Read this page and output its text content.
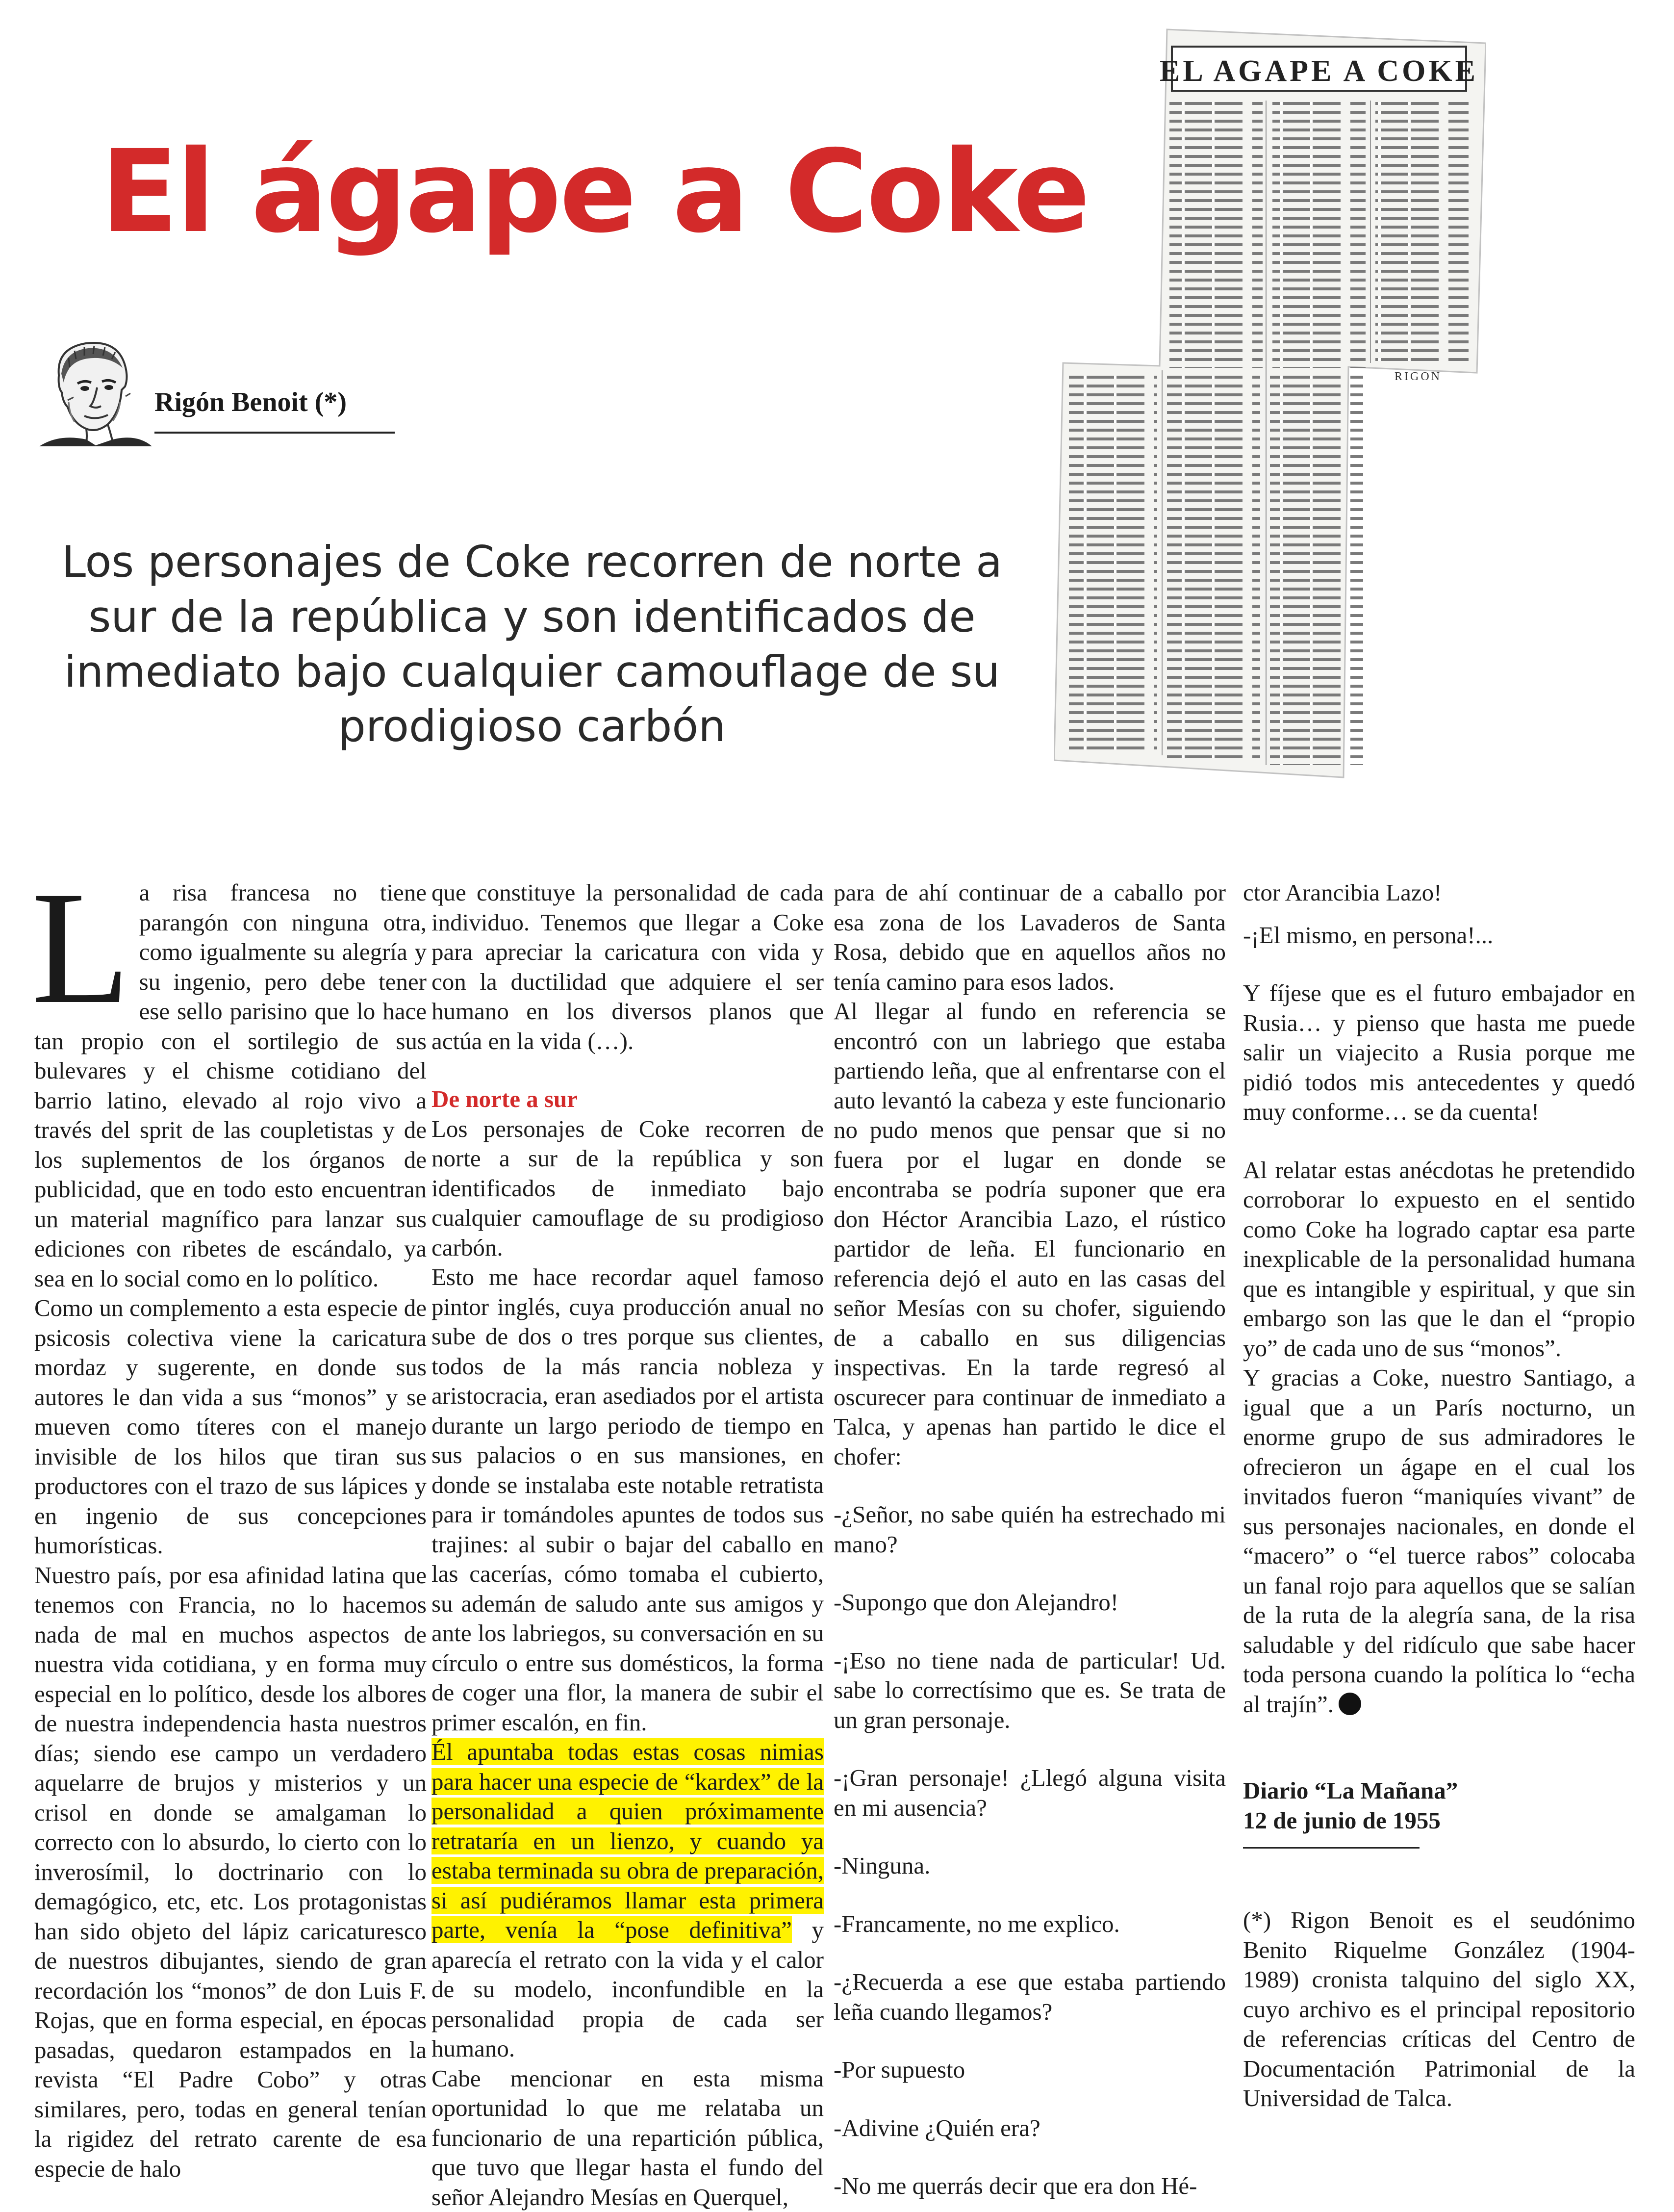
El ágape a Coke
Rigón Benoit (*)
EL AGAPE A COKE
RIGON

Los personajes de Coke recorren de norte a sur de la república y son identificados de inmediato bajo cualquier camouflage de su prodigioso carbón

La risa francesa no tiene parangón con ninguna otra, como igualmente su alegría y su ingenio, pero debe tener ese sello parisino que lo hace tan propio con el sortilegio de sus bulevares y el chisme cotidiano del barrio latino, elevado al rojo vivo a través del sprit de las coupletistas y de los suplementos de los órganos de publicidad, que en todo esto encuentran un material magnífico para lanzar sus ediciones con ribetes de escándalo, ya sea en lo social como en lo político.

Como un complemento a esta especie de psicosis colectiva viene la caricatura mordaz y sugerente, en donde sus autores le dan vida a sus “monos” y se mueven como títeres con el manejo invisible de los hilos que tiran sus productores con el trazo de sus lápices y en ingenio de sus concepciones humorísticas.

Nuestro país, por esa afinidad latina que tenemos con Francia, no lo hacemos nada de mal en muchos aspectos de nuestra vida cotidiana, y en forma muy especial en lo político, desde los albores de nuestra independencia hasta nuestros días; siendo ese campo un verdadero aquelarre de brujos y misterios y un crisol en donde se amalgaman lo correcto con lo absurdo, lo cierto con lo inverosímil, lo doctrinario con lo demagógico, etc, etc. Los protagonistas han sido objeto del lápiz caricaturesco de nuestros dibujantes, siendo de gran recordación los “monos” de don Luis F. Rojas, que en forma especial, en épocas pasadas, quedaron estampados en la revista “El Padre Cobo” y otras similares, pero, todas en general tenían la rigidez del retrato carente de esa especie de halo

que constituye la personalidad de cada individuo. Tenemos que llegar a Coke para apreciar la caricatura con vida y con la ductilidad que adquiere el ser humano en los diversos planos que actúa en la vida (…).

De norte a sur

Los personajes de Coke recorren de norte a sur de la república y son identificados de inmediato bajo cualquier camouflage de su prodigioso carbón.

Esto me hace recordar aquel famoso pintor inglés, cuya producción anual no sube de dos o tres porque sus clientes, todos de la más rancia nobleza y aristocracia, eran asediados por el artista durante un largo periodo de tiempo en sus palacios o en sus mansiones, en donde se instalaba este notable retratista para ir tomándoles apuntes de todos sus trajines: al subir o bajar del caballo en las cacerías, cómo tomaba el cubierto, su ademán de saludo ante sus amigos y ante los labriegos, su conversación en su círculo o entre sus domésticos, la forma de coger una flor, la manera de subir el primer escalón, en fin.

Él apuntaba todas estas cosas nimias para hacer una especie de “kardex” de la personalidad a quien próximamente retrataría en un lienzo, y cuando ya estaba terminada su obra de preparación, si así pudiéramos llamar esta primera parte, venía la “pose definitiva” y aparecía el retrato con la vida y el calor de su modelo, inconfundible en la personalidad propia de cada ser humano.

Cabe mencionar en esta misma oportunidad lo que me relataba un funcionario de una repartición pública, que tuvo que llegar hasta el fundo del señor Alejandro Mesías en Querquel,

para de ahí continuar de a caballo por esa zona de los Lavaderos de Santa Rosa, debido que en aquellos años no tenía camino para esos lados.

Al llegar al fundo en referencia se encontró con un labriego que estaba partiendo leña, que al enfrentarse con el auto levantó la cabeza y este funcionario no pudo menos que pensar que si no fuera por el lugar en donde se encontraba se podría suponer que era don Héctor Arancibia Lazo, el rústico partidor de leña. El funcionario en referencia dejó el auto en las casas del señor Mesías con su chofer, siguiendo de a caballo en sus diligencias inspectivas. En la tarde regresó al oscurecer para continuar de inmediato a Talca, y apenas han partido le dice el chofer:

-¿Señor, no sabe quién ha estrechado mi mano?

-Supongo que don Alejandro!

-¡Eso no tiene nada de particular! Ud. sabe lo correctísimo que es. Se trata de un gran personaje.

-¡Gran personaje! ¿Llegó alguna visita en mi ausencia?

-Ninguna.

-Francamente, no me explico.

-¿Recuerda a ese que estaba partiendo leña cuando llegamos?

-Por supuesto

-Adivine ¿Quién era?

-No me querrás decir que era don Hé-

ctor Arancibia Lazo!

-¡El mismo, en persona!...

Y fíjese que es el futuro embajador en Rusia… y pienso que hasta me puede salir un viajecito a Rusia porque me pidió todos mis antecedentes y quedó muy conforme… se da cuenta!

Al relatar estas anécdotas he pretendido corroborar lo expuesto en el sentido como Coke ha logrado captar esa parte inexplicable de la personalidad humana que es intangible y espiritual, y que sin embargo son las que le dan el “propio yo” de cada uno de sus “monos”.

Y gracias a Coke, nuestro Santiago, a igual que a un París nocturno, un enorme grupo de sus admiradores le ofrecieron un ágape en el cual los invitados fueron “maniquíes vivant” de sus personajes nacionales, en donde el “macero” o “el tuerce rabos” colocaba un fanal rojo para aquellos que se salían de la ruta de la alegría sana, de la risa saludable y del ridículo que sabe hacer toda persona cuando la política lo “echa al trajín”.

Diario “La Mañana”

12 de junio de 1955

(*) Rigon Benoit es el seudónimo Benito Riquelme González (1904- 1989) cronista talquino del siglo XX, cuyo archivo es el principal repositorio de referencias críticas del Centro de Documentación Patrimonial de la Universidad de Talca.
